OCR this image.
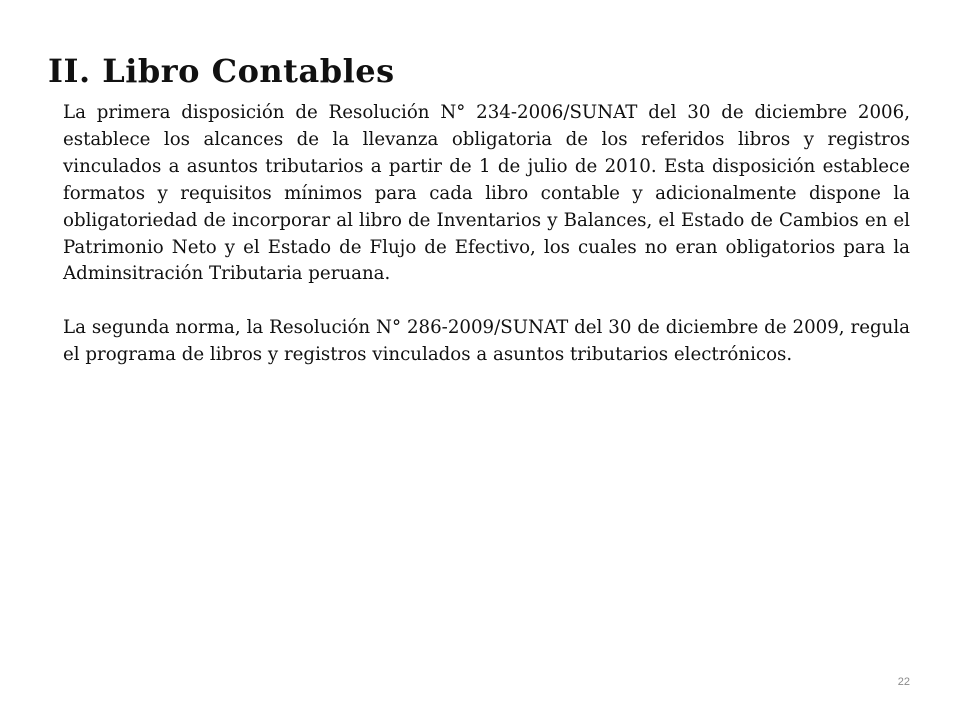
II. Libro Contables

La primera disposición de Resolución N° 234-2006/SUNAT del 30 de diciembre 2006, establece los alcances de la llevanza obligatoria de los referidos libros y registros vinculados a asuntos tributarios a partir de 1 de julio de 2010. Esta disposición establece formatos y requisitos mínimos para cada libro contable y adicionalmente dispone la obligatoriedad de incorporar al libro de Inventarios y Balances, el Estado de Cambios en el Patrimonio Neto y el Estado de Flujo de Efectivo, los cuales no eran obligatorios para la Adminsitración Tributaria peruana.

La segunda norma, la Resolución N° 286-2009/SUNAT del 30 de diciembre de 2009, regula el programa de libros y registros vinculados a asuntos tributarios electrónicos.

22
